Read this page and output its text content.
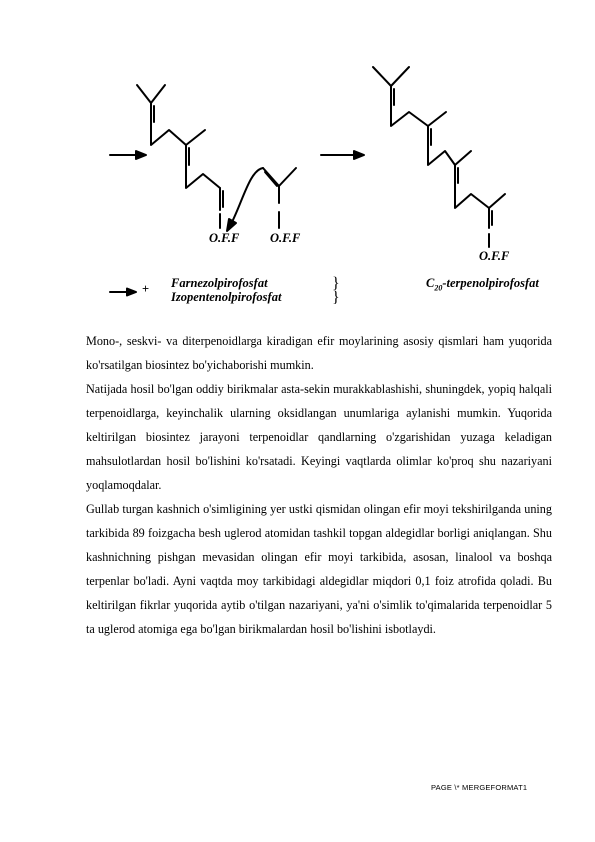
O.F.F O.F.F
O.F.F
+ Farnezolpirofosfat
Izopentenolpirofosfat
}
}
$C_{20}$-terpenolpirofosfat

Mono-, seskvi- va diterpenoidlarga kiradigan efir moylarining asosiy qismlari ham yuqorida ko'rsatilgan biosintez bo'yichaborishi mumkin.

Natijada hosil bo'lgan oddiy birikmalar asta-sekin murakkablashishi, shuningdek, yopiq halqali terpenoidlarga, keyinchalik ularning oksidlangan unumlariga aylanishi mumkin. Yuqorida keltirilgan biosintez jarayoni terpenoidlar qandlarning o'zgarishidan yuzaga keladigan mahsulotlardan hosil bo'lishini ko'rsatadi. Keyingi vaqtlarda olimlar ko'proq shu nazariyani yoqlamoqdalar.

Gullab turgan kashnich o'simligining yer ustki qismidan olingan efir moyi tekshirilganda uning tarkibida 89 foizgacha besh uglerod atomidan tashkil topgan aldegidlar borligi aniqlangan. Shu kashnichning pishgan mevasidan olingan efir moyi tarkibida, asosan, linalool va boshqa terpenlar bo'ladi. Ayni vaqtda moy tarkibidagi aldegidlar miqdori 0,1 foiz atrofida qoladi. Bu keltirilgan fikrlar yuqorida aytib o'tilgan nazariyani, ya'ni o'simlik to'qimalarida terpenoidlar 5 ta uglerod atomiga ega bo'lgan birikmalardan hosil bo'lishini isbotlaydi.

PAGE \* MERGEFORMAT1
